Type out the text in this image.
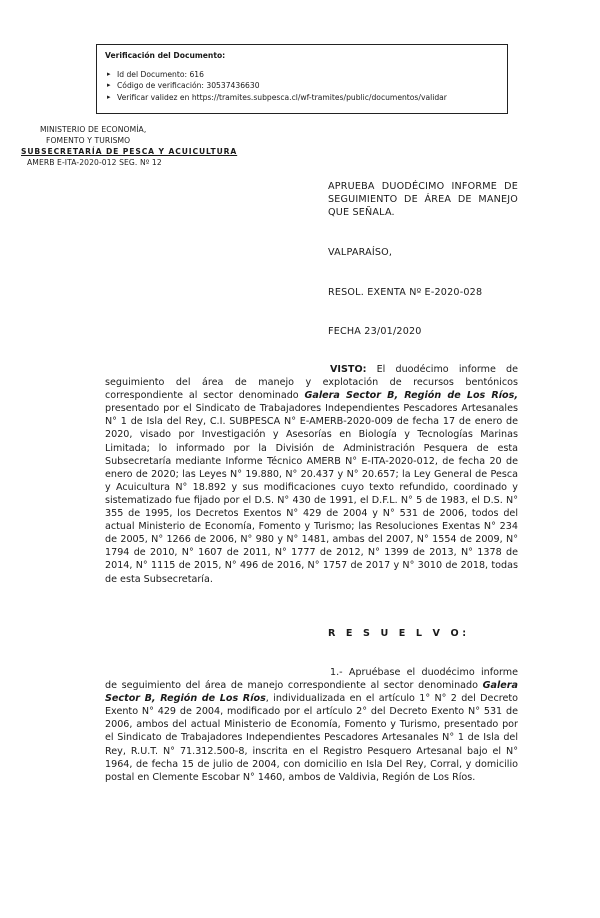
Verificación del Documento:
▸ Id del Documento: 616
▸ Código de verificación: 30537436630
▸ Verificar validez en https://tramites.subpesca.cl/wf-tramites/public/documentos/validar
MINISTERIO DE ECONOMÍA,
FOMENTO Y TURISMO
SUBSECRETARÍA DE PESCA Y ACUICULTURA
AMERB E-ITA-2020-012 SEG. Nº 12
APRUEBA DUODÉCIMO INFORME DE SEGUIMIENTO DE ÁREA DE MANEJO QUE SEÑALA.
VALPARAÍSO,
RESOL. EXENTA Nº E-2020-028
FECHA 23/01/2020
VISTO: El duodécimo informe de seguimiento del área de manejo y explotación de recursos bentónicos correspondiente al sector denominado Galera Sector B, Región de Los Ríos, presentado por el Sindicato de Trabajadores Independientes Pescadores Artesanales N° 1 de Isla del Rey, C.I. SUBPESCA N° E-AMERB-2020-009 de fecha 17 de enero de 2020, visado por Investigación y Asesorías en Biología y Tecnologías Marinas Limitada; lo informado por la División de Administración Pesquera de esta Subsecretaría mediante Informe Técnico AMERB N° E-ITA-2020-012, de fecha 20 de enero de 2020; las Leyes N° 19.880, N° 20.437 y N° 20.657; la Ley General de Pesca y Acuicultura N° 18.892 y sus modificaciones cuyo texto refundido, coordinado y sistematizado fue fijado por el D.S. N° 430 de 1991, el D.F.L. N° 5 de 1983, el D.S. N° 355 de 1995, los Decretos Exentos N° 429 de 2004 y N° 531 de 2006, todos del actual Ministerio de Economía, Fomento y Turismo; las Resoluciones Exentas N° 234 de 2005, N° 1266 de 2006, N° 980 y N° 1481, ambas del 2007, N° 1554 de 2009, N° 1794 de 2010, N° 1607 de 2011, N° 1777 de 2012, N° 1399 de 2013, N° 1378 de 2014, N° 1115 de 2015, N° 496 de 2016, N° 1757 de 2017 y N° 3010 de 2018, todas de esta Subsecretaría.
R E S U E L V O:
1.- Apruébase el duodécimo informe de seguimiento del área de manejo correspondiente al sector denominado Galera Sector B, Región de Los Ríos, individualizada en el artículo 1° N° 2 del Decreto Exento N° 429 de 2004, modificado por el artículo 2° del Decreto Exento N° 531 de 2006, ambos del actual Ministerio de Economía, Fomento y Turismo, presentado por el Sindicato de Trabajadores Independientes Pescadores Artesanales N° 1 de Isla del Rey, R.U.T. N° 71.312.500-8, inscrita en el Registro Pesquero Artesanal bajo el N° 1964, de fecha 15 de julio de 2004, con domicilio en Isla Del Rey, Corral, y domicilio postal en Clemente Escobar N° 1460, ambos de Valdivia, Región de Los Ríos.
